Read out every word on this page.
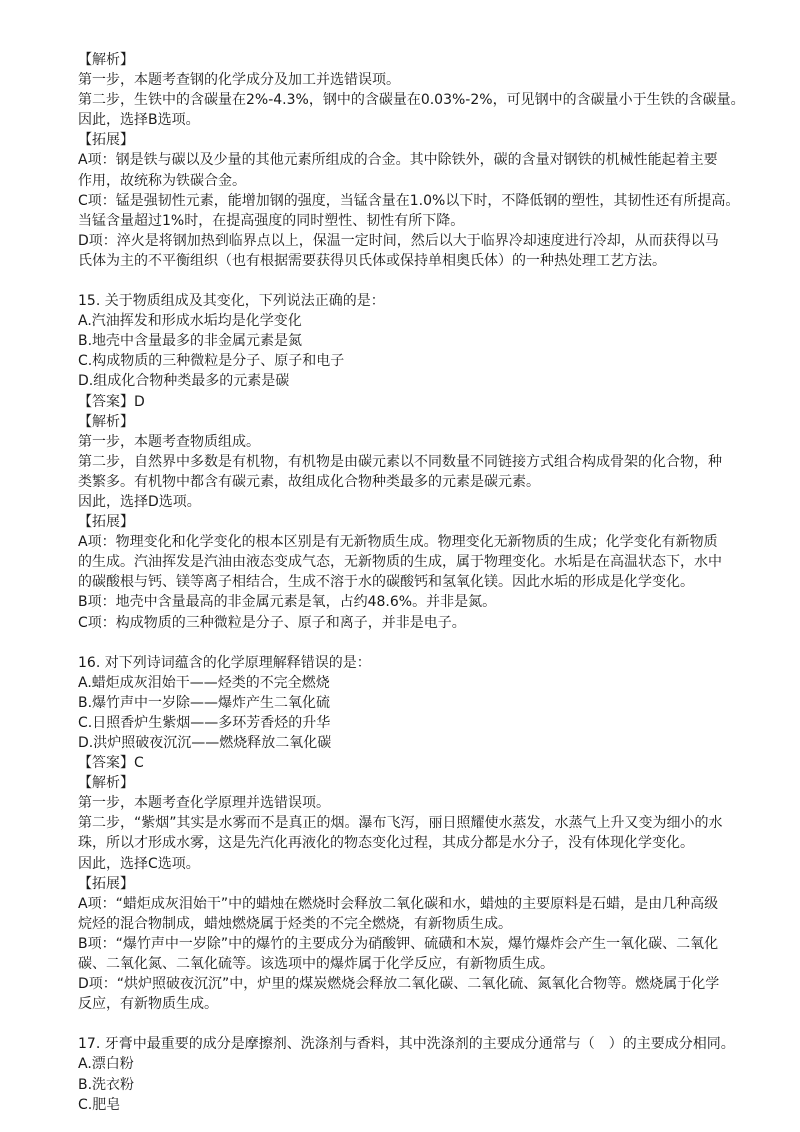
【解析】
第一步，本题考查钢的化学成分及加工并选错误项。
第二步，生铁中的含碳量在2%-4.3%，钢中的含碳量在0.03%-2%，可见钢中的含碳量小于生铁的含碳量。
因此，选择B选项。
【拓展】
A项：钢是铁与碳以及少量的其他元素所组成的合金。其中除铁外，碳的含量对钢铁的机械性能起着主要
作用，故统称为铁碳合金。
C项：锰是强韧性元素，能增加钢的强度，当锰含量在1.0%以下时，不降低钢的塑性，其韧性还有所提高。
当锰含量超过1%时，在提高强度的同时塑性、韧性有所下降。
D项：淬火是将钢加热到临界点以上，保温一定时间，然后以大于临界冷却速度进行冷却，从而获得以马
氏体为主的不平衡组织（也有根据需要获得贝氏体或保持单相奥氏体）的一种热处理工艺方法。
15. 关于物质组成及其变化，下列说法正确的是：
A.汽油挥发和形成水垢均是化学变化
B.地壳中含量最多的非金属元素是氮
C.构成物质的三种微粒是分子、原子和电子
D.组成化合物种类最多的元素是碳
【答案】D
【解析】
第一步，本题考查物质组成。
第二步，自然界中多数是有机物，有机物是由碳元素以不同数量不同链接方式组合构成骨架的化合物，种
类繁多。有机物中都含有碳元素，故组成化合物种类最多的元素是碳元素。
因此，选择D选项。
【拓展】
A项：物理变化和化学变化的根本区别是有无新物质生成。物理变化无新物质的生成；化学变化有新物质
的生成。汽油挥发是汽油由液态变成气态，无新物质的生成，属于物理变化。水垢是在高温状态下，水中
的碳酸根与钙、镁等离子相结合，生成不溶于水的碳酸钙和氢氧化镁。因此水垢的形成是化学变化。
B项：地壳中含量最高的非金属元素是氧，占约48.6%。并非是氮。
C项：构成物质的三种微粒是分子、原子和离子，并非是电子。
16. 对下列诗词蕴含的化学原理解释错误的是：
A.蜡炬成灰泪始干——烃类的不完全燃烧
B.爆竹声中一岁除——爆炸产生二氧化硫
C.日照香炉生紫烟——多环芳香烃的升华
D.洪炉照破夜沉沉——燃烧释放二氧化碳
【答案】C
【解析】
第一步，本题考查化学原理并选错误项。
第二步，“紫烟”其实是水雾而不是真正的烟。瀑布飞泻，丽日照耀使水蒸发，水蒸气上升又变为细小的水
珠，所以才形成水雾，这是先汽化再液化的物态变化过程，其成分都是水分子，没有体现化学变化。
因此，选择C选项。
【拓展】
A项：“蜡炬成灰泪始干”中的蜡烛在燃烧时会释放二氧化碳和水，蜡烛的主要原料是石蜡，是由几种高级
烷烃的混合物制成，蜡烛燃烧属于烃类的不完全燃烧，有新物质生成。
B项：“爆竹声中一岁除”中的爆竹的主要成分为硝酸钾、硫磺和木炭，爆竹爆炸会产生一氧化碳、二氧化
碳、二氧化氮、二氧化硫等。该选项中的爆炸属于化学反应，有新物质生成。
D项：“烘炉照破夜沉沉”中，炉里的煤炭燃烧会释放二氧化碳、二氧化硫、氮氧化合物等。燃烧属于化学
反应，有新物质生成。
17. 牙膏中最重要的成分是摩擦剂、洗涤剂与香料，其中洗涤剂的主要成分通常与（　）的主要成分相同。
A.漂白粉
B.洗衣粉
C.肥皂
